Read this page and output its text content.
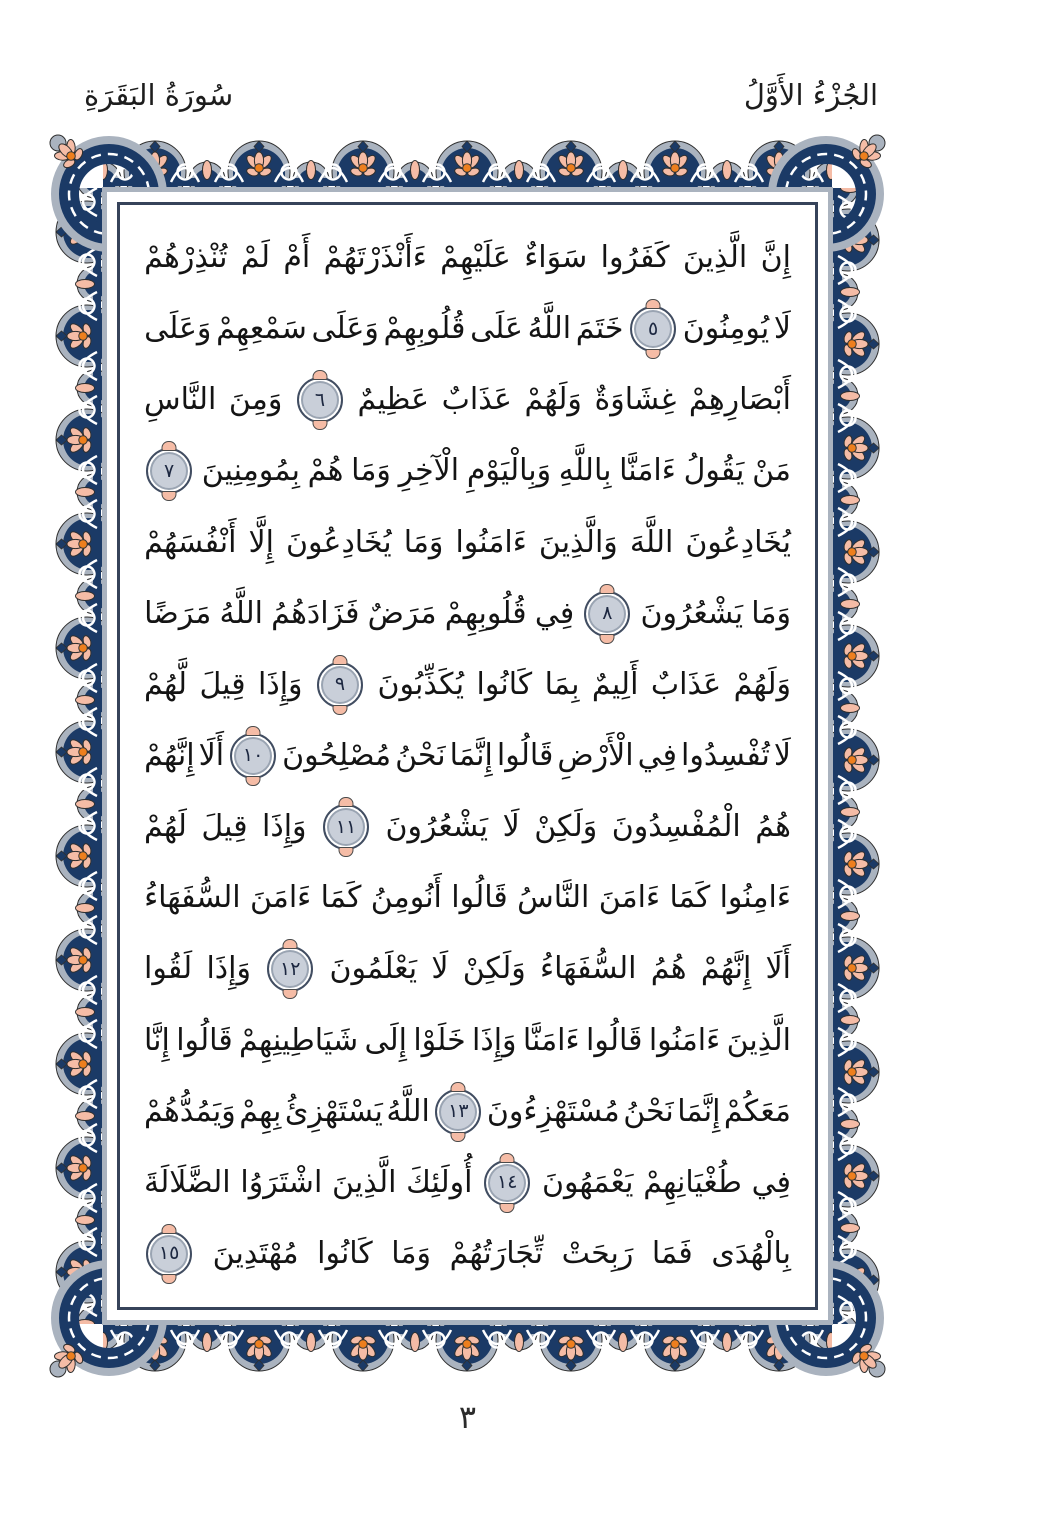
سُورَةُ البَقَرَةِ	الجُزْءُ الأَوَّلُ
إِنَّ
الَّذِينَ
كَفَرُوا
سَوَاءٌ
عَلَيْهِمْ
ءَأَنْذَرْتَهُمْ
أَمْ
لَمْ
تُنْذِرْهُمْ
لَا
يُومِنُونَ
٥
خَتَمَ
اللَّهُ
عَلَى
قُلُوبِهِمْ
وَعَلَى
سَمْعِهِمْ
وَعَلَى
أَبْصَارِهِمْ
غِشَاوَةٌ
وَلَهُمْ
عَذَابٌ
عَظِيمٌ
٦
وَمِنَ
النَّاسِ
مَنْ
يَقُولُ
ءَامَنَّا
بِاللَّهِ
وَبِالْيَوْمِ
الْآخِرِ
وَمَا
هُمْ
بِمُومِنِينَ
٧
يُخَادِعُونَ
اللَّهَ
وَالَّذِينَ
ءَامَنُوا
وَمَا
يُخَادِعُونَ
إِلَّا
أَنْفُسَهُمْ
وَمَا
يَشْعُرُونَ
٨
فِي
قُلُوبِهِمْ
مَرَضٌ
فَزَادَهُمُ
اللَّهُ
مَرَضًا
وَلَهُمْ
عَذَابٌ
أَلِيمٌ
بِمَا
كَانُوا
يُكَذِّبُونَ
٩
وَإِذَا
قِيلَ
لَّهُمْ
لَا
تُفْسِدُوا
فِي
الْأَرْضِ
قَالُوا
إِنَّمَا
نَحْنُ
مُصْلِحُونَ
١٠
أَلَا
إِنَّهُمْ
هُمُ
الْمُفْسِدُونَ
وَلَكِنْ
لَا
يَشْعُرُونَ
١١
وَإِذَا
قِيلَ
لَهُمْ
ءَامِنُوا
كَمَا
ءَامَنَ
النَّاسُ
قَالُوا
أَنُومِنُ
كَمَا
ءَامَنَ
السُّفَهَاءُ
أَلَا
إِنَّهُمْ
هُمُ
السُّفَهَاءُ
وَلَكِنْ
لَا
يَعْلَمُونَ
١٢
وَإِذَا
لَقُوا
الَّذِينَ
ءَامَنُوا
قَالُوا
ءَامَنَّا
وَإِذَا
خَلَوْا
إِلَى
شَيَاطِينِهِمْ
قَالُوا
إِنَّا
مَعَكُمْ
إِنَّمَا
نَحْنُ
مُسْتَهْزِءُونَ
١٣
اللَّهُ
يَسْتَهْزِئُ
بِهِمْ
وَيَمُدُّهُمْ
فِي
طُغْيَانِهِمْ
يَعْمَهُونَ
١٤
أُولَئِكَ
الَّذِينَ
اشْتَرَوُا
الضَّلَالَةَ
بِالْهُدَى
فَمَا
رَبِحَتْ
تِّجَارَتُهُمْ
وَمَا
كَانُوا
مُهْتَدِينَ
١٥
٣
